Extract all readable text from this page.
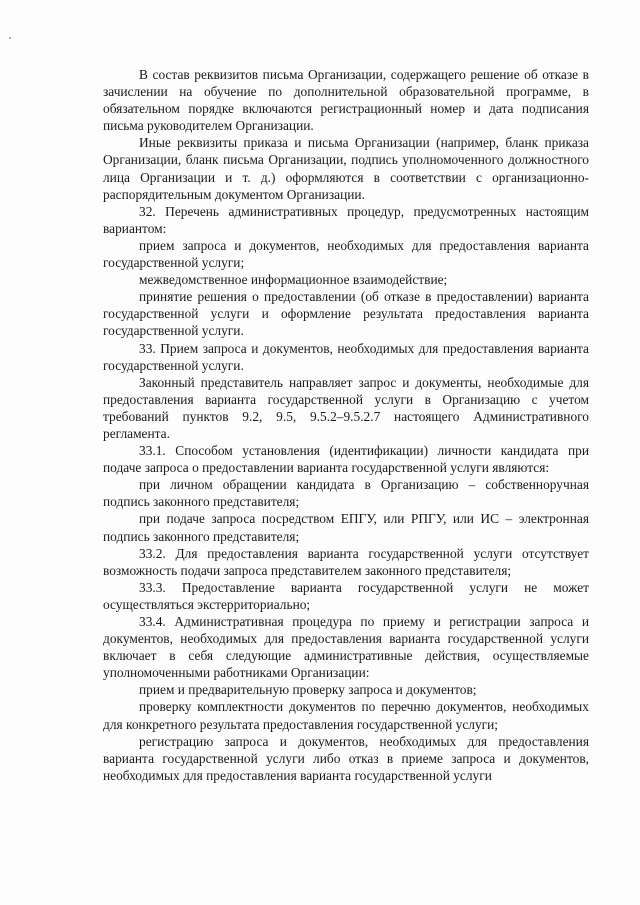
В состав реквизитов письма Организации, содержащего решение об отказе в зачислении на обучение по дополнительной образовательной программе, в обязательном порядке включаются регистрационный номер и дата подписания письма руководителем Организации.

Иные реквизиты приказа и письма Организации (например, бланк приказа Организации, бланк письма Организации, подпись уполномоченного должностного лица Организации и т. д.) оформляются в соответствии с организационно-распорядительным документом Организации.

32. Перечень административных процедур, предусмотренных настоящим вариантом:

прием запроса и документов, необходимых для предоставления варианта государственной услуги;

межведомственное информационное взаимодействие;

принятие решения о предоставлении (об отказе в предоставлении) варианта государственной услуги и оформление результата предоставления варианта государственной услуги.

33. Прием запроса и документов, необходимых для предоставления варианта государственной услуги.

Законный представитель направляет запрос и документы, необходимые для предоставления варианта государственной услуги в Организацию с учетом требований пунктов 9.2, 9.5, 9.5.2–9.5.2.7 настоящего Административного регламента.

33.1. Способом установления (идентификации) личности кандидата при подаче запроса о предоставлении варианта государственной услуги являются:

при личном обращении кандидата в Организацию – собственноручная подпись законного представителя;

при подаче запроса посредством ЕПГУ, или РПГУ, или ИС – электронная подпись законного представителя;

33.2. Для предоставления варианта государственной услуги отсутствует возможность подачи запроса представителем законного представителя;

33.3. Предоставление варианта государственной услуги не может осуществляться экстерриториально;

33.4. Административная процедура по приему и регистрации запроса и документов, необходимых для предоставления варианта государственной услуги включает в себя следующие административные действия, осуществляемые уполномоченными работниками Организации:

прием и предварительную проверку запроса и документов;

проверку комплектности документов по перечню документов, необходимых для конкретного результата предоставления государственной услуги;

регистрацию запроса и документов, необходимых для предоставления варианта государственной услуги либо отказ в приеме запроса и документов, необходимых для предоставления варианта государственной услуги
